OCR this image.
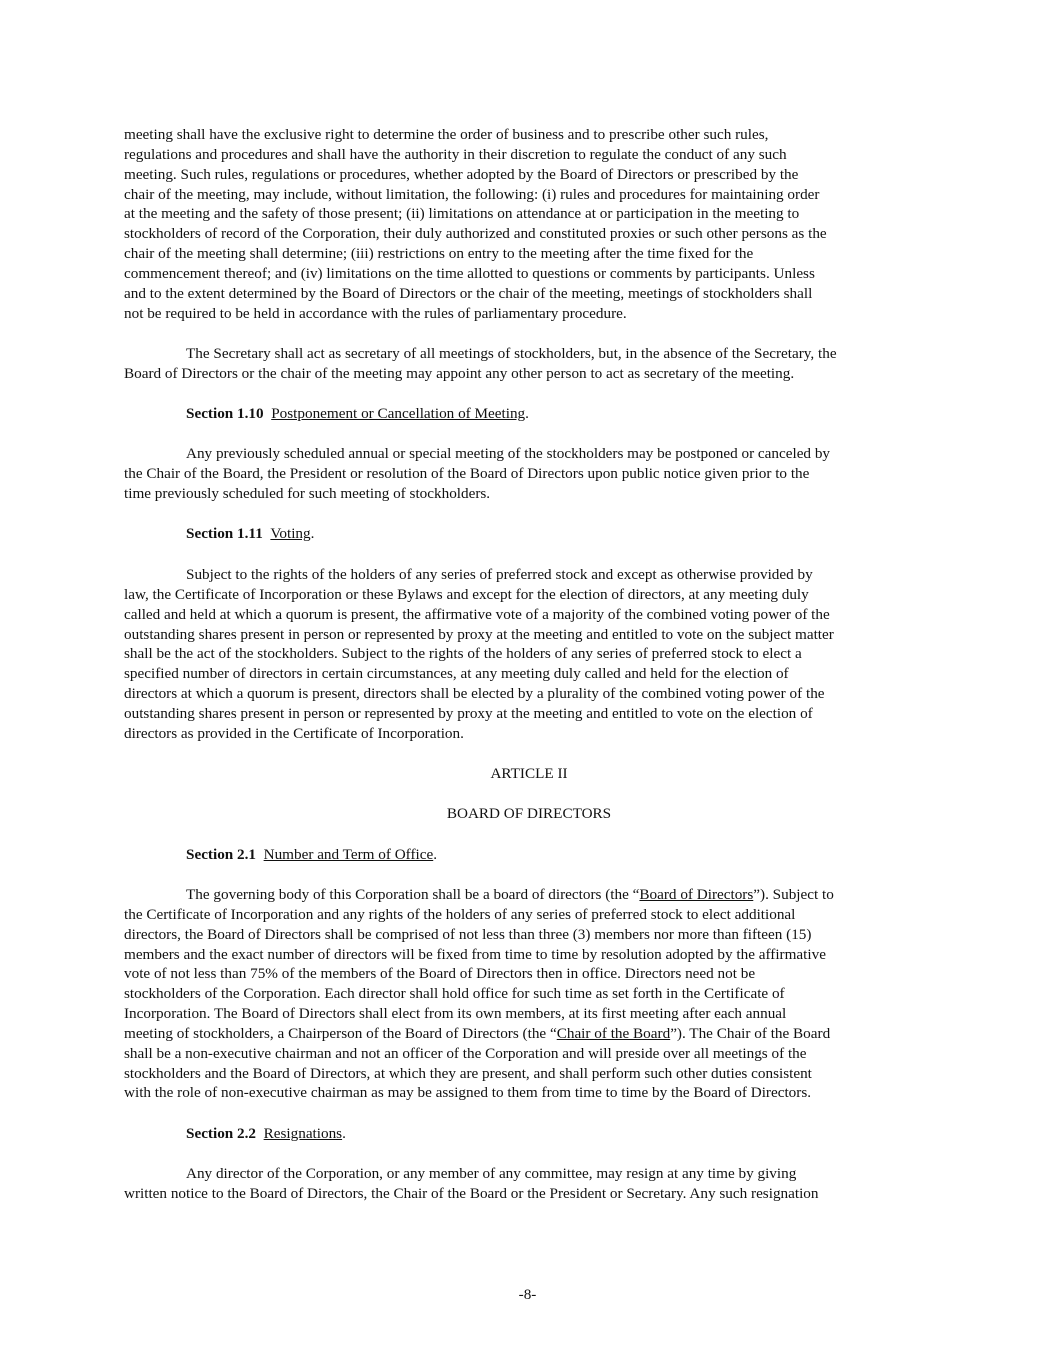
meeting shall have the exclusive right to determine the order of business and to prescribe other such rules,
regulations and procedures and shall have the authority in their discretion to regulate the conduct of any such
meeting. Such rules, regulations or procedures, whether adopted by the Board of Directors or prescribed by the
chair of the meeting, may include, without limitation, the following: (i) rules and procedures for maintaining order
at the meeting and the safety of those present; (ii) limitations on attendance at or participation in the meeting to
stockholders of record of the Corporation, their duly authorized and constituted proxies or such other persons as the
chair of the meeting shall determine; (iii) restrictions on entry to the meeting after the time fixed for the
commencement thereof; and (iv) limitations on the time allotted to questions or comments by participants. Unless
and to the extent determined by the Board of Directors or the chair of the meeting, meetings of stockholders shall
not be required to be held in accordance with the rules of parliamentary procedure.

The Secretary shall act as secretary of all meetings of stockholders, but, in the absence of the Secretary, the
Board of Directors or the chair of the meeting may appoint any other person to act as secretary of the meeting.

Section 1.10 Postponement or Cancellation of Meeting.

Any previously scheduled annual or special meeting of the stockholders may be postponed or canceled by
the Chair of the Board, the President or resolution of the Board of Directors upon public notice given prior to the
time previously scheduled for such meeting of stockholders.

Section 1.11 Voting.

Subject to the rights of the holders of any series of preferred stock and except as otherwise provided by
law, the Certificate of Incorporation or these Bylaws and except for the election of directors, at any meeting duly
called and held at which a quorum is present, the affirmative vote of a majority of the combined voting power of the
outstanding shares present in person or represented by proxy at the meeting and entitled to vote on the subject matter
shall be the act of the stockholders. Subject to the rights of the holders of any series of preferred stock to elect a
specified number of directors in certain circumstances, at any meeting duly called and held for the election of
directors at which a quorum is present, directors shall be elected by a plurality of the combined voting power of the
outstanding shares present in person or represented by proxy at the meeting and entitled to vote on the election of
directors as provided in the Certificate of Incorporation.

ARTICLE II

BOARD OF DIRECTORS

Section 2.1 Number and Term of Office.

The governing body of this Corporation shall be a board of directors (the “Board of Directors”). Subject to
the Certificate of Incorporation and any rights of the holders of any series of preferred stock to elect additional
directors, the Board of Directors shall be comprised of not less than three (3) members nor more than fifteen (15)
members and the exact number of directors will be fixed from time to time by resolution adopted by the affirmative
vote of not less than 75% of the members of the Board of Directors then in office. Directors need not be
stockholders of the Corporation. Each director shall hold office for such time as set forth in the Certificate of
Incorporation. The Board of Directors shall elect from its own members, at its first meeting after each annual
meeting of stockholders, a Chairperson of the Board of Directors (the “Chair of the Board”). The Chair of the Board
shall be a non-executive chairman and not an officer of the Corporation and will preside over all meetings of the
stockholders and the Board of Directors, at which they are present, and shall perform such other duties consistent
with the role of non-executive chairman as may be assigned to them from time to time by the Board of Directors.

Section 2.2 Resignations.

Any director of the Corporation, or any member of any committee, may resign at any time by giving
written notice to the Board of Directors, the Chair of the Board or the President or Secretary. Any such resignation

-8-
